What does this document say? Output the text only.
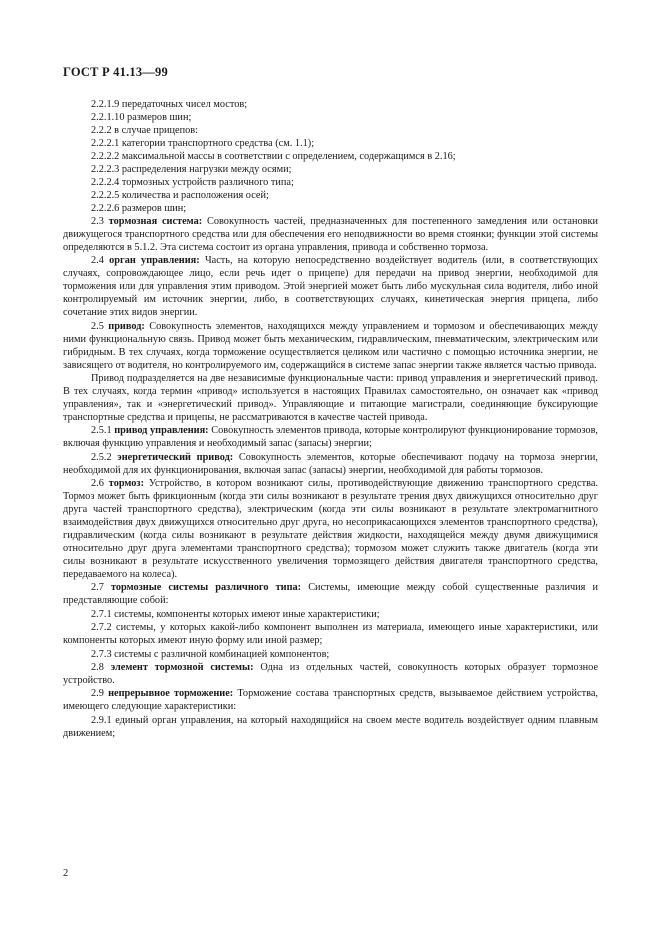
ГОСТ Р 41.13—99

2.2.1.9 передаточных чисел мостов;

2.2.1.10 размеров шин;

2.2.2 в случае прицепов:

2.2.2.1 категории транспортного средства (см. 1.1);

2.2.2.2 максимальной массы в соответствии с определением, содержащимся в 2.16;

2.2.2.3 распределения нагрузки между осями;

2.2.2.4 тормозных устройств различного типа;

2.2.2.5 количества и расположения осей;

2.2.2.6 размеров шин;

2.3 тормозная система: Совокупность частей, предназначенных для постепенного замедления или остановки движущегося транспортного средства или для обеспечения его неподвижности во время стоянки; функции этой системы определяются в 5.1.2. Эта система состоит из органа управления, привода и собственно тормоза.

2.4 орган управления: Часть, на которую непосредственно воздействует водитель (или, в соответствующих случаях, сопровождающее лицо, если речь идет о прицепе) для передачи на привод энергии, необходимой для торможения или для управления этим приводом. Этой энергией может быть либо мускульная сила водителя, либо иной контролируемый им источник энергии, либо, в соответствующих случаях, кинетическая энергия прицепа, либо сочетание этих видов энергии.

2.5 привод: Совокупность элементов, находящихся между управлением и тормозом и обеспечивающих между ними функциональную связь. Привод может быть механическим, гидравлическим, пневматическим, электрическим или гибридным. В тех случаях, когда торможение осуществляется целиком или частично с помощью источника энергии, не зависящего от водителя, но контролируемого им, содержащийся в системе запас энергии также является частью привода.

Привод подразделяется на две независимые функциональные части: привод управления и энергетический привод. В тех случаях, когда термин «привод» используется в настоящих Правилах самостоятельно, он означает как «привод управления», так и «энергетический привод». Управляющие и питающие магистрали, соединяющие буксирующие транспортные средства и прицепы, не рассматриваются в качестве частей привода.

2.5.1 привод управления: Совокупность элементов привода, которые контролируют функционирование тормозов, включая функцию управления и необходимый запас (запасы) энергии;

2.5.2 энергетический привод: Совокупность элементов, которые обеспечивают подачу на тормоза энергии, необходимой для их функционирования, включая запас (запасы) энергии, необходимой для работы тормозов.

2.6 тормоз: Устройство, в котором возникают силы, противодействующие движению транспортного средства. Тормоз может быть фрикционным (когда эти силы возникают в результате трения двух движущихся относительно друг друга частей транспортного средства), электрическим (когда эти силы возникают в результате электромагнитного взаимодействия двух движущихся относительно друг друга, но несоприкасающихся элементов транспортного средства), гидравлическим (когда силы возникают в результате действия жидкости, находящейся между двумя движущимися относительно друг друга элементами транспортного средства); тормозом может служить также двигатель (когда эти силы возникают в результате искусственного увеличения тормозящего действия двигателя транспортного средства, передаваемого на колеса).

2.7 тормозные системы различного типа: Системы, имеющие между собой существенные различия и представляющие собой:

2.7.1 системы, компоненты которых имеют иные характеристики;

2.7.2 системы, у которых какой-либо компонент выполнен из материала, имеющего иные характеристики, или компоненты которых имеют иную форму или иной размер;

2.7.3 системы с различной комбинацией компонентов;

2.8 элемент тормозной системы: Одна из отдельных частей, совокупность которых образует тормозное устройство.

2.9 непрерывное торможение: Торможение состава транспортных средств, вызываемое действием устройства, имеющего следующие характеристики:

2.9.1 единый орган управления, на который находящийся на своем месте водитель воздействует одним плавным движением;

2
